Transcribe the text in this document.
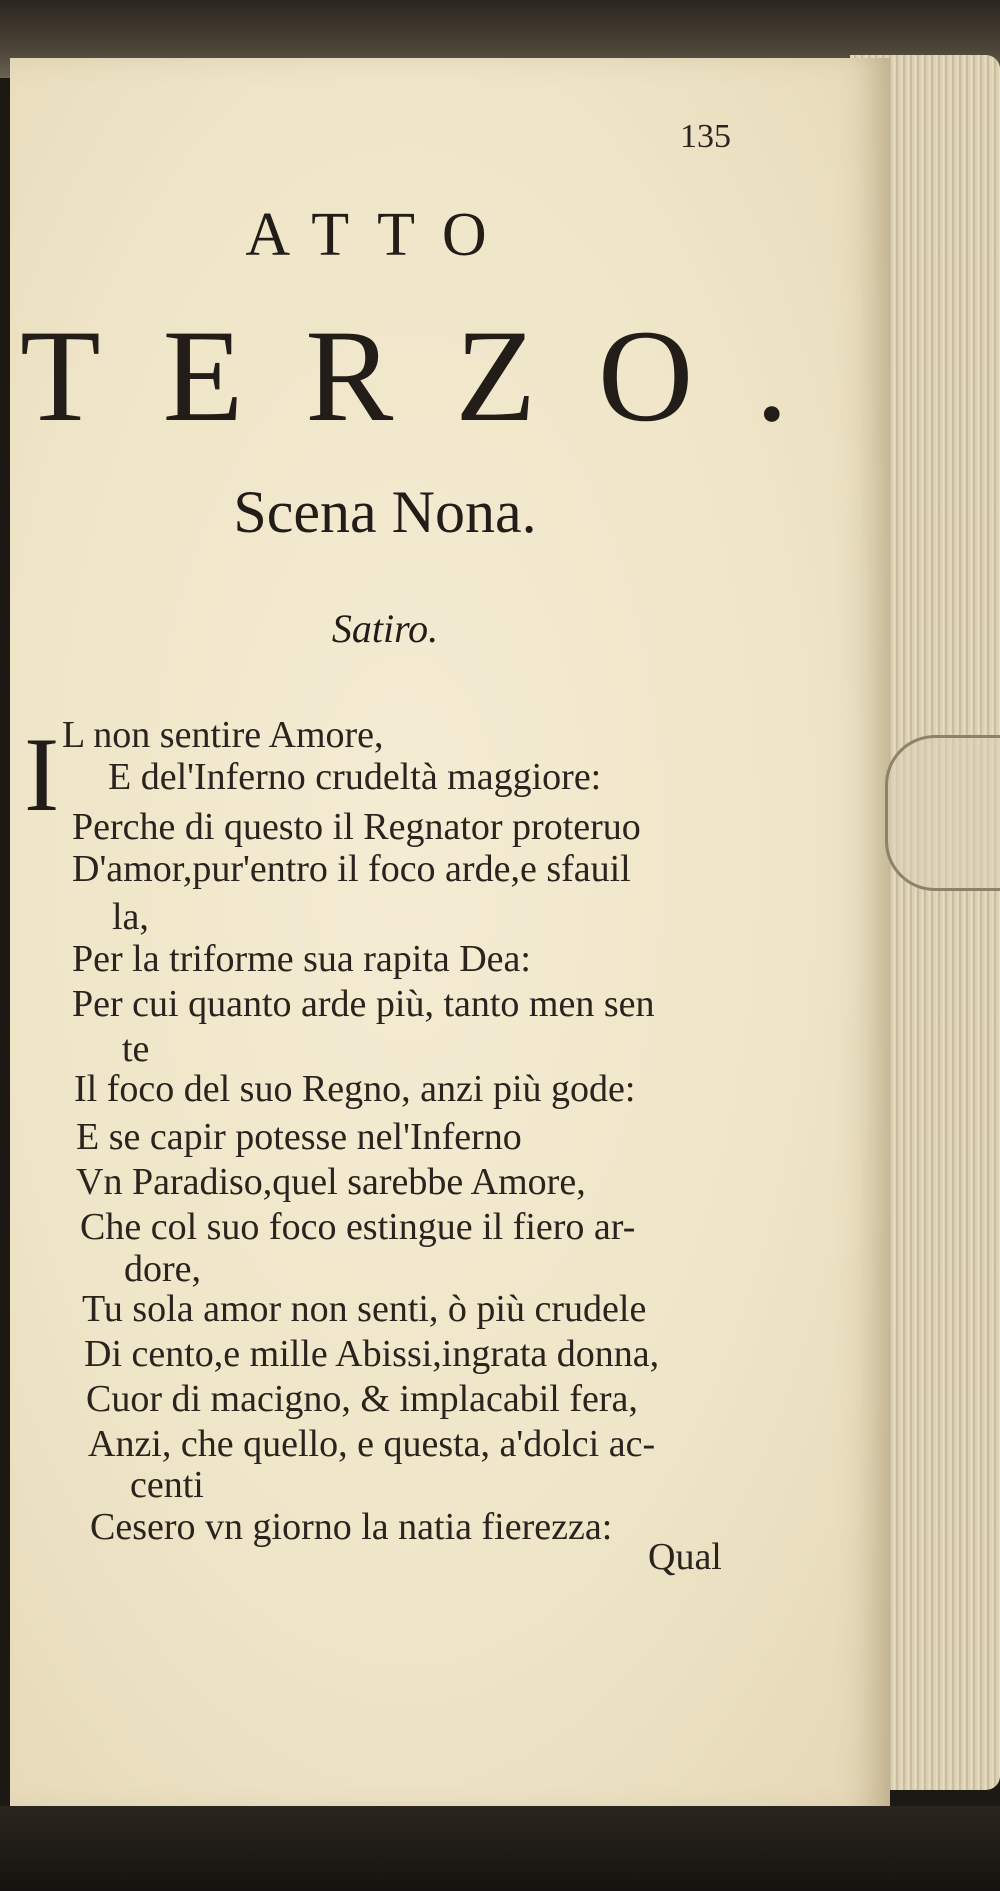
135
ATTO
TERZO.
Scena Nona.
Satiro.
I L non sentire Amore,
E del'Inferno crudeltà maggiore:
Perche di questo il Regnator proteruo
D'amor,pur'entro il foco arde,e sfauil
la,
Per la triforme sua rapita Dea:
Per cui quanto arde più, tanto men sen
te
Il foco del suo Regno, anzi più gode:
E se capir potesse nel'Inferno
Vn Paradiso,quel sarebbe Amore,
Che col suo foco estingue il fiero ar-
dore,
Tu sola amor non senti, ò più crudele
Di cento,e mille Abissi,ingrata donna,
Cuor di macigno, & implacabil fera,
Anzi, che quello, e questa, a'dolci ac-
centi
Cesero vn giorno la natia fierezza:
Qual
